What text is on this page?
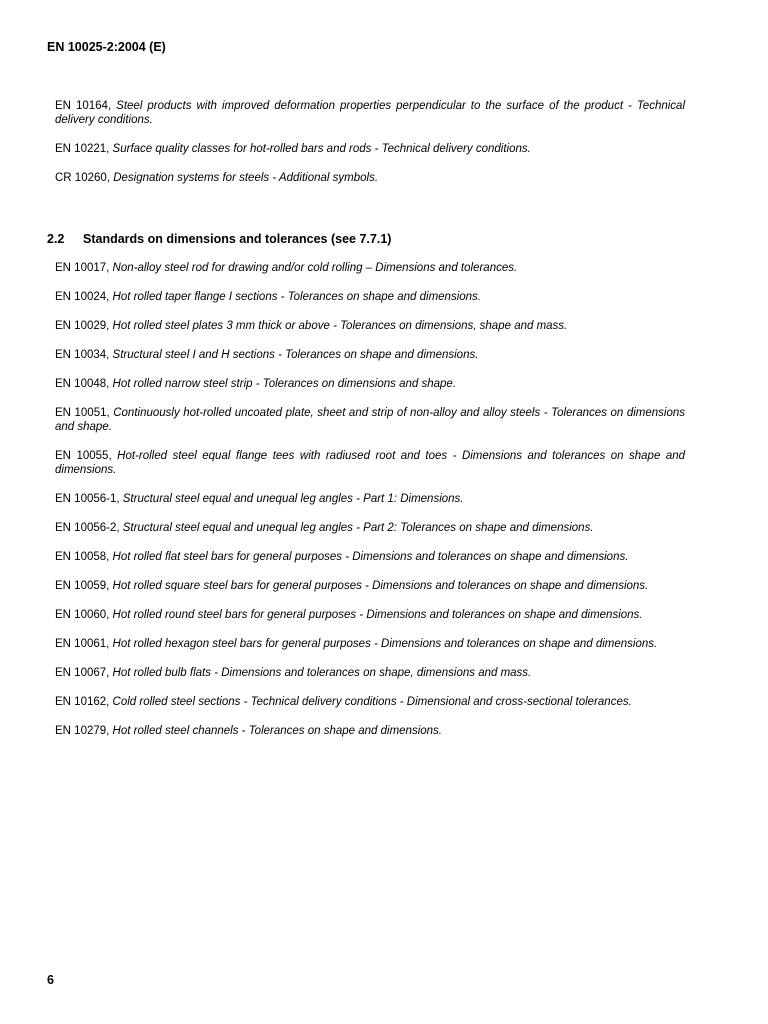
EN 10025-2:2004 (E)

EN 10164, Steel products with improved deformation properties perpendicular to the surface of the product - Technical delivery conditions.

EN 10221, Surface quality classes for hot-rolled bars and rods - Technical delivery conditions.

CR 10260, Designation systems for steels - Additional symbols.

2.2	Standards on dimensions and tolerances (see 7.7.1)

EN 10017, Non-alloy steel rod for drawing and/or cold rolling – Dimensions and tolerances.

EN 10024, Hot rolled taper flange I sections - Tolerances on shape and dimensions.

EN 10029, Hot rolled steel plates 3 mm thick or above - Tolerances on dimensions, shape and mass.

EN 10034, Structural steel I and H sections - Tolerances on shape and dimensions.

EN 10048, Hot rolled narrow steel strip - Tolerances on dimensions and shape.

EN 10051, Continuously hot-rolled uncoated plate, sheet and strip of non-alloy and alloy steels - Tolerances on dimensions and shape.

EN 10055, Hot-rolled steel equal flange tees with radiused root and toes - Dimensions and tolerances on shape and dimensions.

EN 10056-1, Structural steel equal and unequal leg angles - Part 1: Dimensions.

EN 10056-2, Structural steel equal and unequal leg angles - Part 2: Tolerances on shape and dimensions.

EN 10058, Hot rolled flat steel bars for general purposes - Dimensions and tolerances on shape and dimensions.

EN 10059, Hot rolled square steel bars for general purposes - Dimensions and tolerances on shape and dimensions.

EN 10060, Hot rolled round steel bars for general purposes - Dimensions and tolerances on shape and dimensions.

EN 10061, Hot rolled hexagon steel bars for general purposes - Dimensions and tolerances on shape and dimensions.

EN 10067, Hot rolled bulb flats - Dimensions and tolerances on shape, dimensions and mass.

EN 10162, Cold rolled steel sections - Technical delivery conditions - Dimensional and cross-sectional tolerances.

EN 10279, Hot rolled steel channels - Tolerances on shape and dimensions.

6
